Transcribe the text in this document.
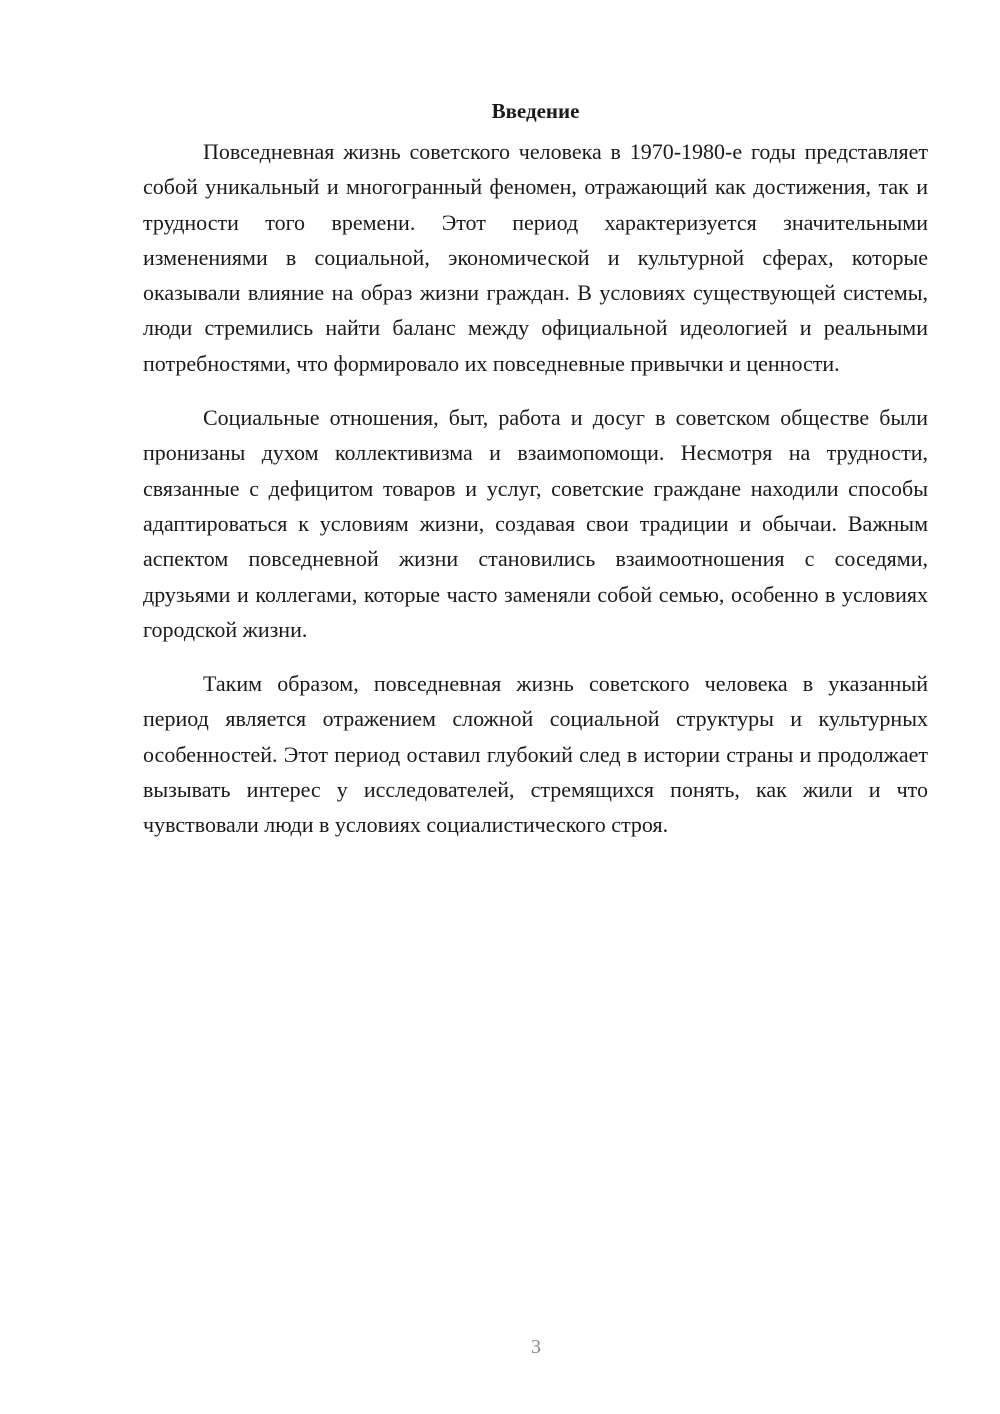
Введение

Повседневная жизнь советского человека в 1970-1980-е годы представляет собой уникальный и многогранный феномен, отражающий как достижения, так и трудности того времени. Этот период характеризуется значительными изменениями в социальной, экономической и культурной сферах, которые оказывали влияние на образ жизни граждан. В условиях существующей системы, люди стремились найти баланс между официальной идеологией и реальными потребностями, что формировало их повседневные привычки и ценности.

Социальные отношения, быт, работа и досуг в советском обществе были пронизаны духом коллективизма и взаимопомощи. Несмотря на трудности, связанные с дефицитом товаров и услуг, советские граждане находили способы адаптироваться к условиям жизни, создавая свои традиции и обычаи. Важным аспектом повседневной жизни становились взаимоотношения с соседями, друзьями и коллегами, которые часто заменяли собой семью, особенно в условиях городской жизни.

Таким образом, повседневная жизнь советского человека в указанный период является отражением сложной социальной структуры и культурных особенностей. Этот период оставил глубокий след в истории страны и продолжает вызывать интерес у исследователей, стремящихся понять, как жили и что чувствовали люди в условиях социалистического строя.

3
